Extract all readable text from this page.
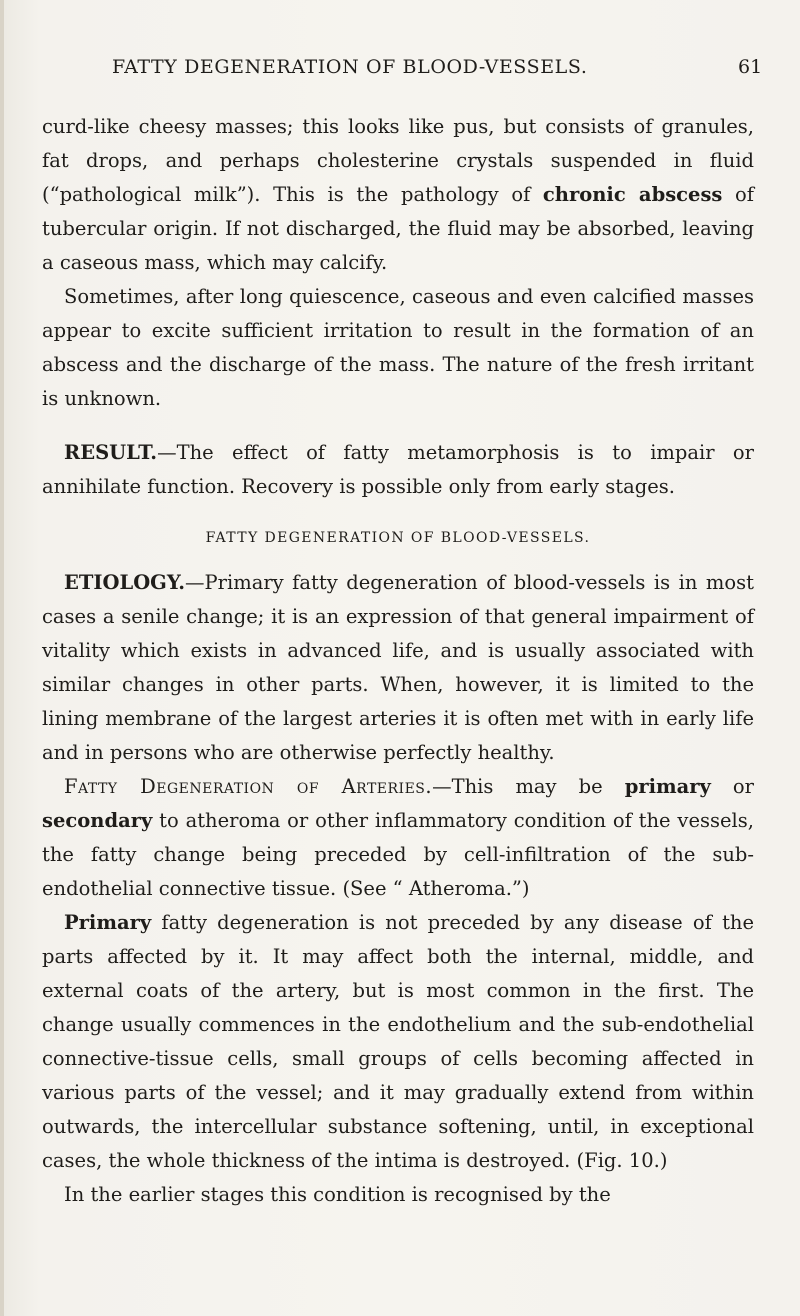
FATTY DEGENERATION OF BLOOD-VESSELS.	61

curd-like cheesy masses; this looks like pus, but consists of granules, fat drops, and perhaps cholesterine crystals suspended in fluid (“pathological milk”). This is the pathology of chronic abscess of tubercular origin. If not discharged, the fluid may be absorbed, leaving a caseous mass, which may calcify.

Sometimes, after long quiescence, caseous and even calcified masses appear to excite sufficient irritation to result in the formation of an abscess and the discharge of the mass. The nature of the fresh irritant is unknown.

RESULT.—The effect of fatty metamorphosis is to impair or annihilate function. Recovery is possible only from early stages.

FATTY DEGENERATION OF BLOOD-VESSELS.

ETIOLOGY.—Primary fatty degeneration of blood-vessels is in most cases a senile change; it is an expression of that general impairment of vitality which exists in advanced life, and is usually associated with similar changes in other parts. When, however, it is limited to the lining membrane of the largest arteries it is often met with in early life and in persons who are otherwise perfectly healthy.

Fatty Degeneration of Arteries.—This may be primary or secondary to atheroma or other inflammatory condition of the vessels, the fatty change being preceded by cell-infiltration of the sub-endothelial connective tissue. (See “ Atheroma.”)

Primary fatty degeneration is not preceded by any disease of the parts affected by it. It may affect both the internal, middle, and external coats of the artery, but is most common in the first. The change usually commences in the endothelium and the sub-endothelial connective-tissue cells, small groups of cells becoming affected in various parts of the vessel; and it may gradually extend from within outwards, the intercellular substance softening, until, in exceptional cases, the whole thickness of the intima is destroyed. (Fig. 10.)

In the earlier stages this condition is recognised by the
